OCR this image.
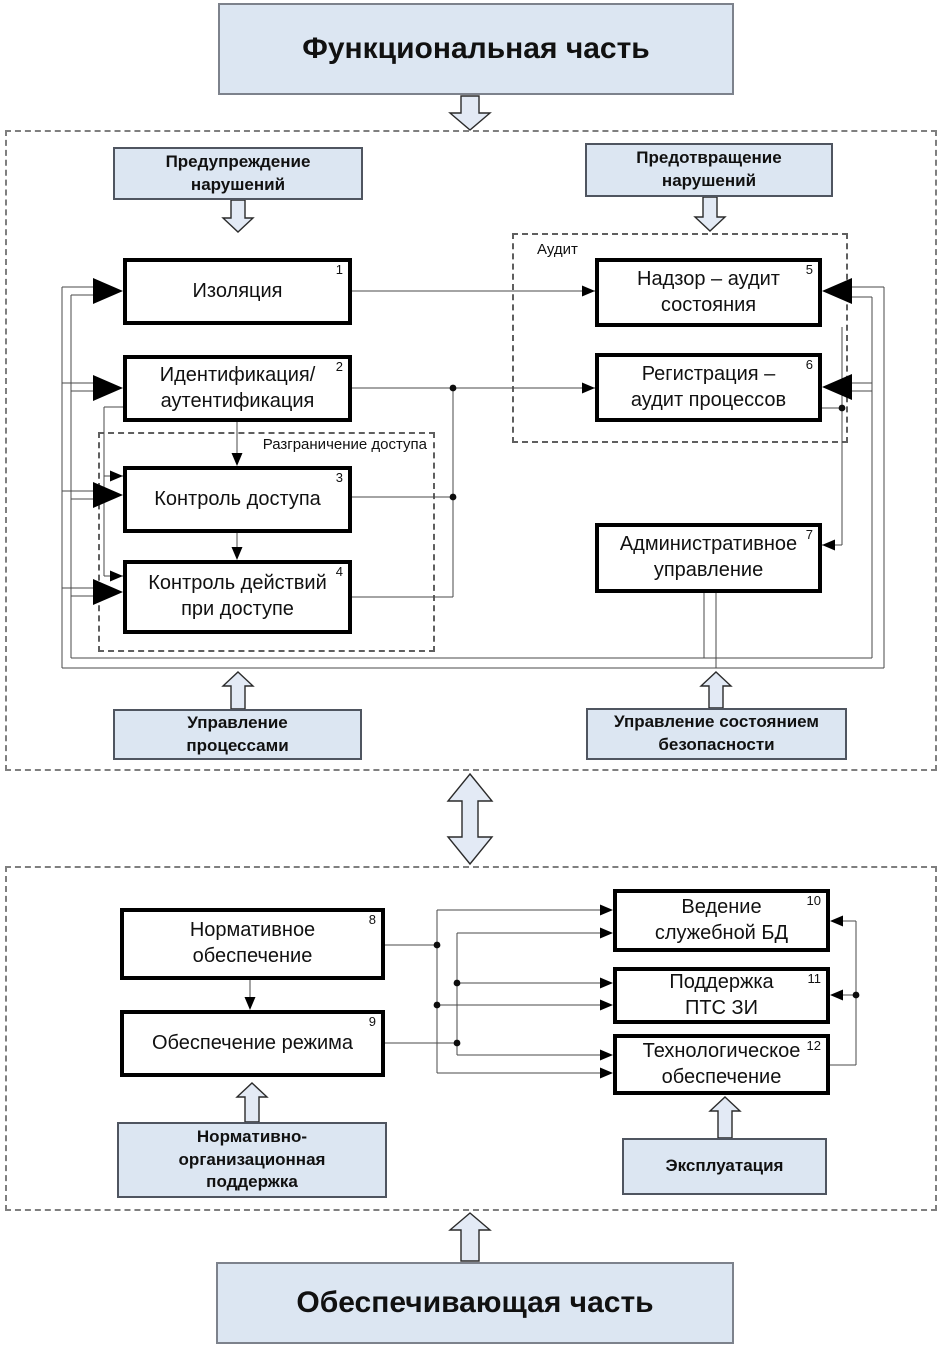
Аудит
Разграничение доступа
Изоляция
1
Идентификация/
аутентификация
2
Контроль доступа
3
Контроль действий
при доступе
4
Надзор – аудит
состояния
5
Регистрация –
аудит процессов
6
Административное
управление
7
Нормативное
обеспечение
8
Обеспечение режима
9
Ведение
служебной БД
10
Поддержка
ПТС ЗИ
11
Технологическое
обеспечение
12
Предупреждение
нарушений
Предотвращение
нарушений
Управление
процессами
Управление состоянием
безопасности
Нормативно-
организационная
поддержка
Эксплуатация
Функциональная часть
Обеспечивающая часть
